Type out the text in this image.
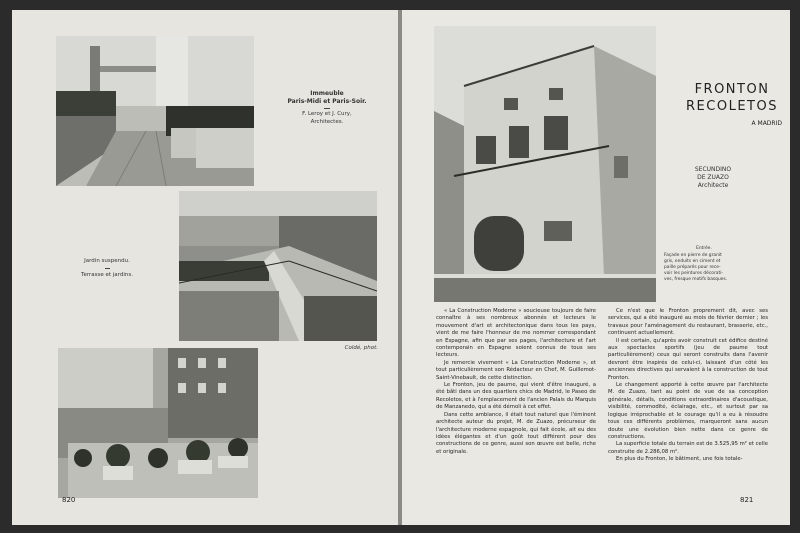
Immeuble
Paris-Midi et Paris-Soir.
F. Leroy et J. Cury,
Architectes.
Coldé, phot.
Jardin suspendu.
Terrasse et jardins.
820
FRONTON
RECOLETOS
A MADRID
SECUNDINO
DE ZUAZO
Architecte
Entrée.
Façade en pierre de granit
gris, enduits en ciment et
paille préparés pour rece-
voir les peintures décorati-
ves, fresque motifs basques.

« La Construction Moderne » soucieuse toujours de faire connaître à ses nombreux abonnés et lecteurs le mouvement d'art et architectonique dans tous les pays, vient de me faire l'honneur de me nommer correspondant en Espagne, afin que par ses pages, l'architecture et l'art contemporain en Espagne soient connus de tous ses lecteurs.

Je remercie vivement « La Construction Moderne », et tout particulièrement son Rédacteur en Chef, M. Guillemot-Saint-Vinebault, de cette distinction.

Le Fronton, jeu de paume, qui vient d'être inauguré, a été bâti dans un des quartiers chics de Madrid, le Paseo de Recoletos, et à l'emplacement de l'ancien Palais du Marquis de Manzanedo, qui a été démoli à cet effet.

Dans cette ambiance, il était tout naturel que l'éminent architecte auteur du projet, M. de Zuazo, précurseur de l'architecture moderne espagnole, qui fait école, ait eu des idées élégantes et d'un goût tout différent pour des constructions de ce genre, aussi son œuvre est belle, riche et originale.

Ce n'est que le Fronton proprement dit, avec ses services, qui a été inauguré au mois de février dernier ; les travaux pour l'aménagement du restaurant, brasserie, etc., continuent actuellement.

Il est certain, qu'après avoir construit cet édifice destiné aux spectacles sportifs (jeu de paume tout particulièrement) ceux qui seront construits dans l'avenir devront être inspirés de celui-ci, laissant d'un côté les anciennes directives qui servaient à la construction de tout Fronton.

Le changement apporté à cette œuvre par l'architecte M. de Zuazo, tant au point de vue de sa conception générale, détails, conditions extraordinaires d'acoustique, visibilité, commodité, éclairage, etc., et surtout par sa logique irréprochable et le courage qu'il a eu à résoudre tous ces différents problèmes, marqueront sans aucun doute une évolution bien nette dans ce genre de constructions.

La superficie totale du terrain est de 3.525,95 m² et celle construite de 2.286,08 m².

En plus du Fronton, le bâtiment, une fois totale-

821
